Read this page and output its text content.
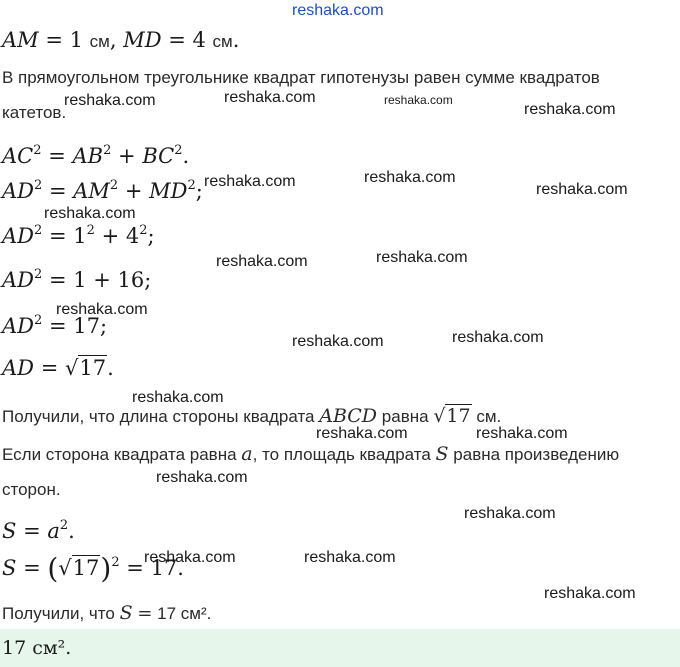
reshaka.com
AM = 1 см, MD = 4 см.
В прямоугольном треугольнике квадрат гипотенузы равен сумме квадратов
катетов.
$AC^2 = AB^2 + BC^2$.
$AD^2 = AM^2 + MD^2$;
$AD^2 = 1^2 + 4^2$;
$AD^2 = 1 + 16$;
$AD^2 = 17$;
AD = √17.
Получили, что длина стороны квадрата ABCD равна √17 см.
Если сторона квадрата равна a, то площадь квадрата S равна произведению
сторон.
$S = a^2$.
$S = (√17)^2 = 17$.
Получили, что S = 17 см².
17 см².
reshaka.com	reshaka.com	reshaka.com
reshaka.com
reshaka.com	reshaka.com
reshaka.com
reshaka.com
reshaka.com	reshaka.com
reshaka.com
reshaka.com	reshaka.com
reshaka.com
reshaka.com	reshaka.com
reshaka.com
reshaka.com
reshaka.com	reshaka.com
reshaka.com
